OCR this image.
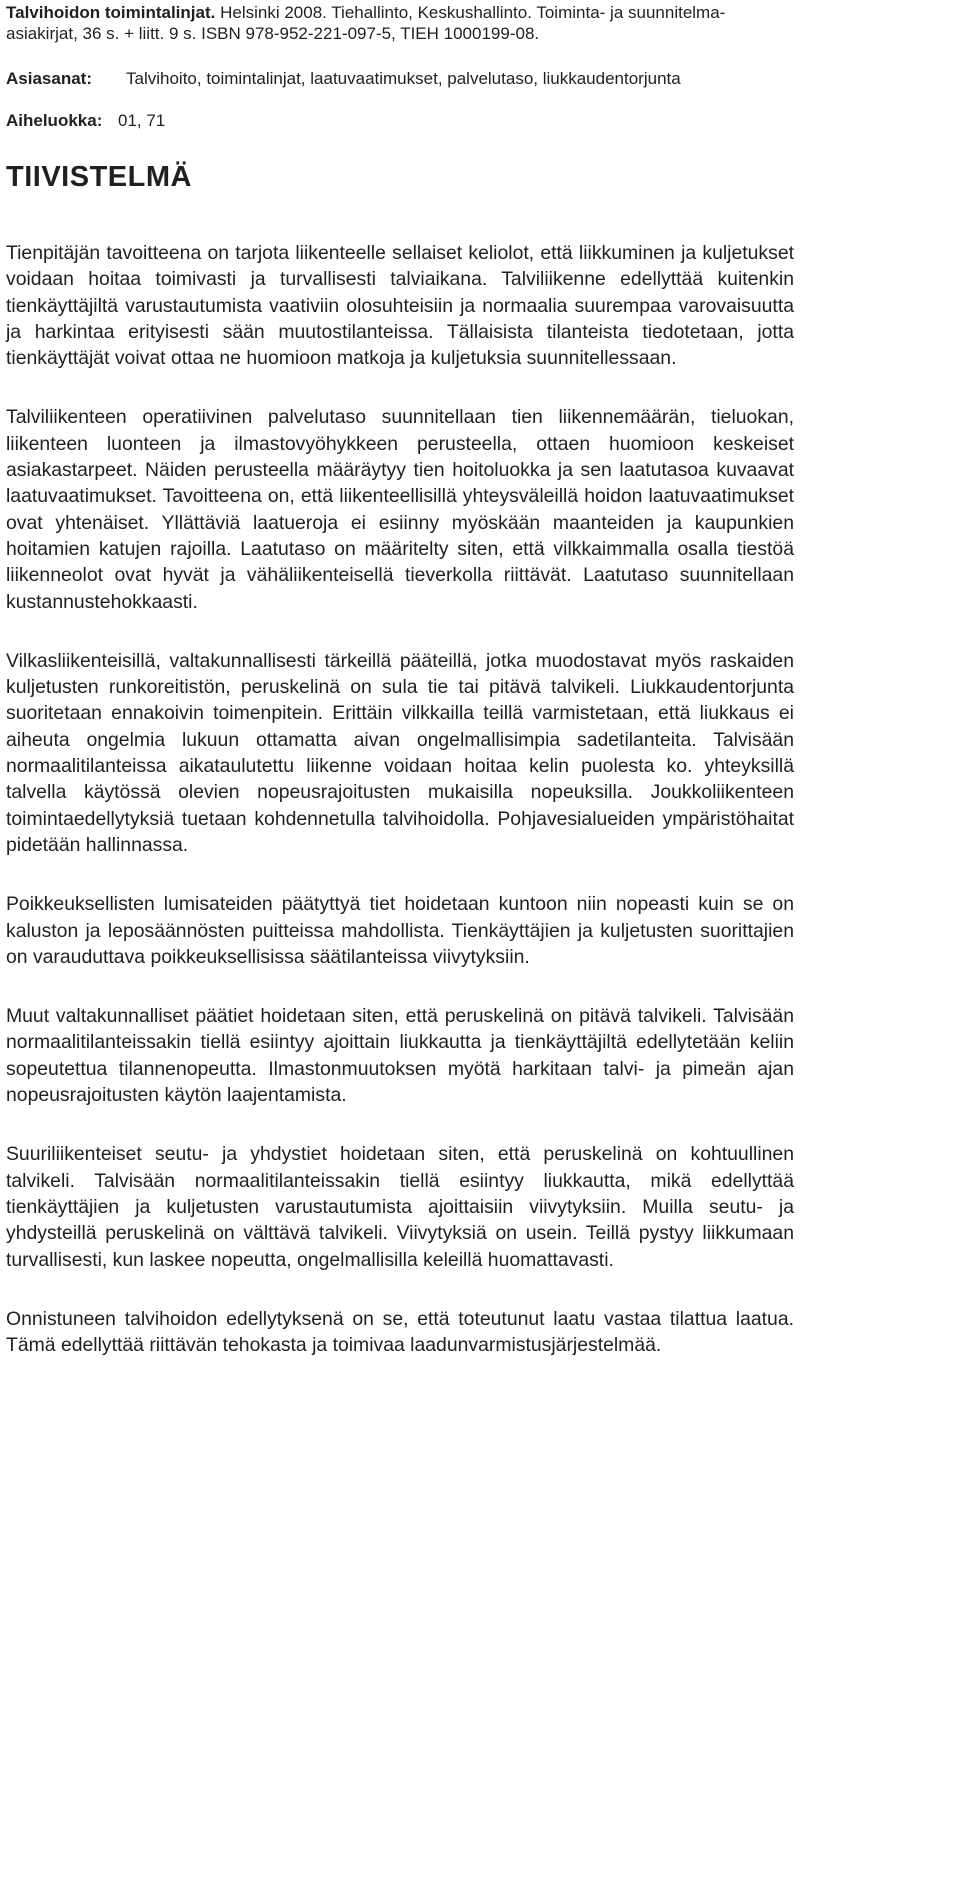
Talvihoidon toimintalinjat. Helsinki 2008. Tiehallinto, Keskushallinto. Toiminta- ja suunnitelma-asiakirjat, 36 s. + liitt. 9 s. ISBN 978-952-221-097-5, TIEH 1000199-08.

Asiasanat: Talvihoito, toimintalinjat, laatuvaatimukset, palvelutaso, liukkaudentorjunta

Aiheluokka: 01, 71

TIIVISTELMÄ

Tienpitäjän tavoitteena on tarjota liikenteelle sellaiset keliolot, että liikkuminen ja kuljetukset voidaan hoitaa toimivasti ja turvallisesti talviaikana. Talviliikenne edellyttää kuitenkin tienkäyttäjiltä varustautumista vaativiin olosuhteisiin ja normaalia suurempaa varovaisuutta ja harkintaa erityisesti sään muutostilanteissa. Tällaisista tilanteista tiedotetaan, jotta tienkäyttäjät voivat ottaa ne huomioon matkoja ja kuljetuksia suunnitellessaan.

Talviliikenteen operatiivinen palvelutaso suunnitellaan tien liikennemäärän, tieluokan, liikenteen luonteen ja ilmastovyöhykkeen perusteella, ottaen huomioon keskeiset asiakastarpeet. Näiden perusteella määräytyy tien hoitoluokka ja sen laatutasoa kuvaavat laatuvaatimukset. Tavoitteena on, että liikenteellisillä yhteysväleillä hoidon laatuvaatimukset ovat yhtenäiset. Yllättäviä laatueroja ei esiinny myöskään maanteiden ja kaupunkien hoitamien katujen rajoilla. Laatutaso on määritelty siten, että vilkkaimmalla osalla tiestöä liikenneolot ovat hyvät ja vähäliikenteisellä tieverkolla riittävät. Laatutaso suunnitellaan kustannustehokkaasti.

Vilkasliikenteisillä, valtakunnallisesti tärkeillä pääteillä, jotka muodostavat myös raskaiden kuljetusten runkoreitistön, peruskelinä on sula tie tai pitävä talvikeli. Liukkaudentorjunta suoritetaan ennakoivin toimenpitein. Erittäin vilkkailla teillä varmistetaan, että liukkaus ei aiheuta ongelmia lukuun ottamatta aivan ongelmallisimpia sadetilanteita. Talvisään normaalitilanteissa aikataulutettu liikenne voidaan hoitaa kelin puolesta ko. yhteyksillä talvella käytössä olevien nopeusrajoitusten mukaisilla nopeuksilla. Joukkoliikenteen toimintaedellytyksiä tuetaan kohdennetulla talvihoidolla. Pohjavesialueiden ympäristöhaitat pidetään hallinnassa.

Poikkeuksellisten lumisateiden päätyttyä tiet hoidetaan kuntoon niin nopeasti kuin se on kaluston ja leposäännösten puitteissa mahdollista. Tienkäyttäjien ja kuljetusten suorittajien on varauduttava poikkeuksellisissa säätilanteissa viivytyksiin.

Muut valtakunnalliset päätiet hoidetaan siten, että peruskelinä on pitävä talvikeli. Talvisään normaalitilanteissakin tiellä esiintyy ajoittain liukkautta ja tienkäyttäjiltä edellytetään keliin sopeutettua tilannenopeutta. Ilmastonmuutoksen myötä harkitaan talvi- ja pimeän ajan nopeusrajoitusten käytön laajentamista.

Suuriliikenteiset seutu- ja yhdystiet hoidetaan siten, että peruskelinä on kohtuullinen talvikeli. Talvisään normaalitilanteissakin tiellä esiintyy liukkautta, mikä edellyttää tienkäyttäjien ja kuljetusten varustautumista ajoittaisiin viivytyksiin. Muilla seutu- ja yhdysteillä peruskelinä on välttävä talvikeli. Viivytyksiä on usein. Teillä pystyy liikkumaan turvallisesti, kun laskee nopeutta, ongelmallisilla keleillä huomattavasti.

Onnistuneen talvihoidon edellytyksenä on se, että toteutunut laatu vastaa tilattua laatua. Tämä edellyttää riittävän tehokasta ja toimivaa laadunvarmistusjärjestelmää.
